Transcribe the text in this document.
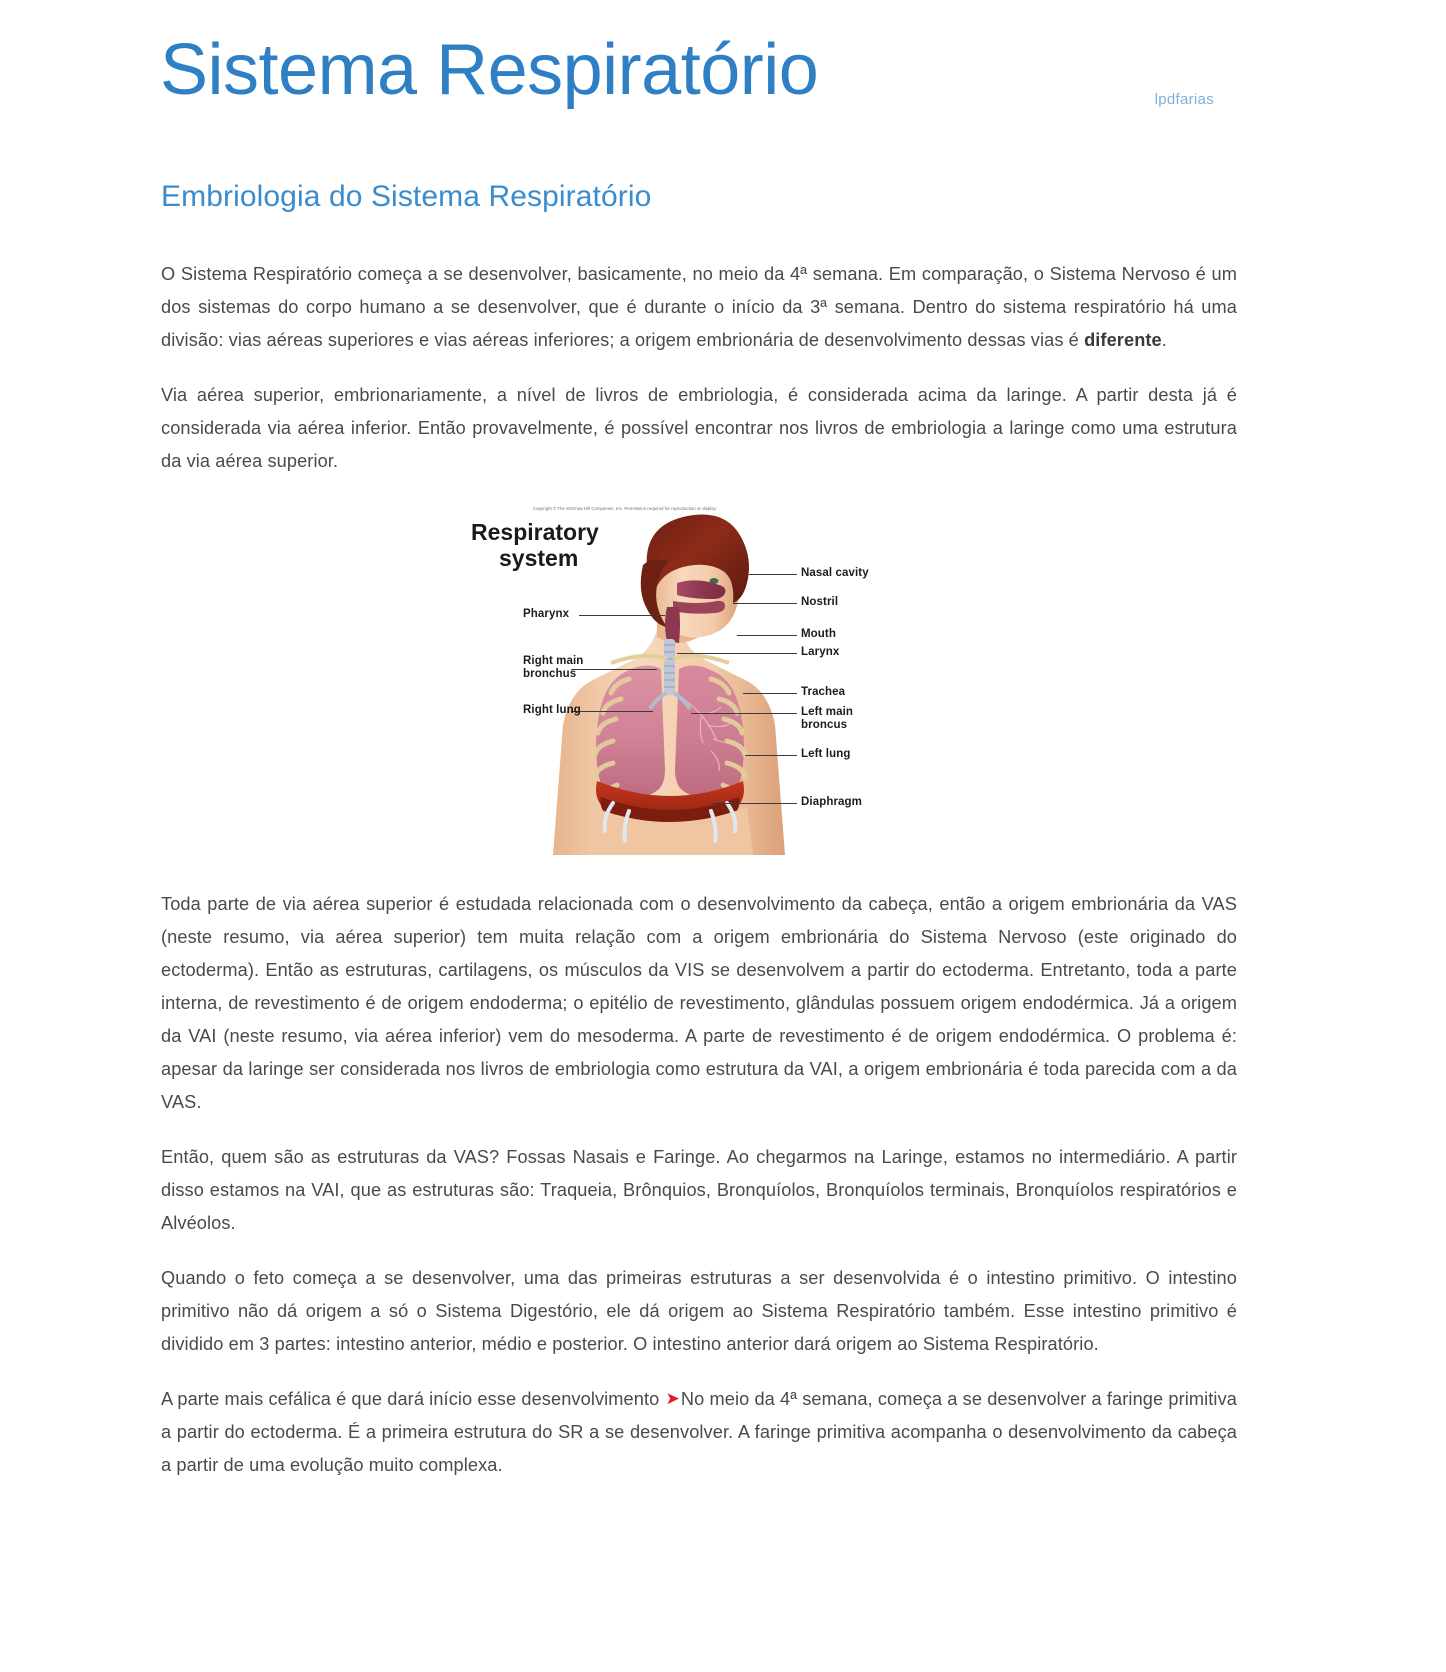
Sistema Respiratório	lpdfarias
Embriologia do Sistema Respiratório

O Sistema Respiratório começa a se desenvolver, basicamente, no meio da 4ª semana. Em comparação, o Sistema Nervoso é um dos sistemas do corpo humano a se desenvolver, que é durante o início da 3ª semana. Dentro do sistema respiratório há uma divisão: vias aéreas superiores e vias aéreas inferiores; a origem embrionária de desenvolvimento dessas vias é diferente.

Via aérea superior, embrionariamente, a nível de livros de embriologia, é considerada acima da laringe. A partir desta já é considerada via aérea inferior. Então provavelmente, é possível encontrar nos livros de embriologia a laringe como uma estrutura da via aérea superior.

Toda parte de via aérea superior é estudada relacionada com o desenvolvimento da cabeça, então a origem embrionária da VAS (neste resumo, via aérea superior) tem muita relação com a origem embrionária do Sistema Nervoso (este originado do ectoderma). Então as estruturas, cartilagens, os músculos da VIS se desenvolvem a partir do ectoderma. Entretanto, toda a parte interna, de revestimento é de origem endoderma; o epitélio de revestimento, glândulas possuem origem endodérmica. Já a origem da VAI (neste resumo, via aérea inferior) vem do mesoderma. A parte de revestimento é de origem endodérmica. O problema é: apesar da laringe ser considerada nos livros de embriologia como estrutura da VAI, a origem embrionária é toda parecida com a da VAS.

Então, quem são as estruturas da VAS? Fossas Nasais e Faringe. Ao chegarmos na Laringe, estamos no intermediário. A partir disso estamos na VAI, que as estruturas são: Traqueia, Brônquios, Bronquíolos, Bronquíolos terminais, Bronquíolos respiratórios e Alvéolos.

Quando o feto começa a se desenvolver, uma das primeiras estruturas a ser desenvolvida é o intestino primitivo. O intestino primitivo não dá origem a só o Sistema Digestório, ele dá origem ao Sistema Respiratório também. Esse intestino primitivo é dividido em 3 partes: intestino anterior, médio e posterior. O intestino anterior dará origem ao Sistema Respiratório.

A parte mais cefálica é que dará início esse desenvolvimento ➤No meio da 4ª semana, começa a se desenvolver a faringe primitiva a partir do ectoderma. É a primeira estrutura do SR a se desenvolver. A faringe primitiva acompanha o desenvolvimento da cabeça a partir de uma evolução muito complexa.

Copyright © The McGraw-Hill Companies, Inc. Permission required for reproduction or display.
Respiratory
system
Nasal cavity
Nostril
Mouth
Larynx
Trachea
Left main
broncus
Left lung
Diaphragm
Pharynx
Right main
bronchus
Right lung
